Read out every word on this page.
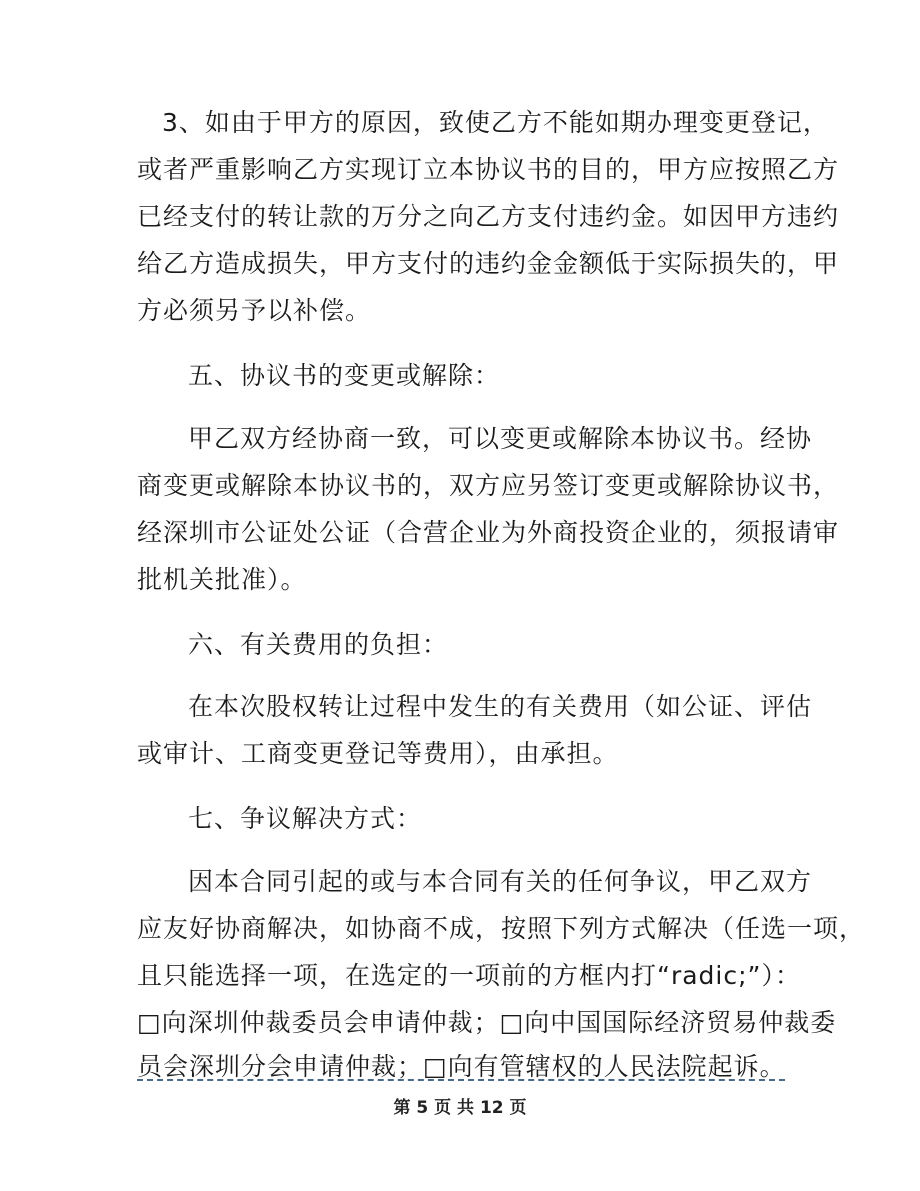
3、如由于甲方的原因，致使乙方不能如期办理变更登记，
或者严重影响乙方实现订立本协议书的目的，甲方应按照乙方
已经支付的转让款的万分之向乙方支付违约金。如因甲方违约
给乙方造成损失，甲方支付的违约金金额低于实际损失的，甲
方必须另予以补偿。
五、协议书的变更或解除：
甲乙双方经协商一致，可以变更或解除本协议书。经协
商变更或解除本协议书的，双方应另签订变更或解除协议书，
经深圳市公证处公证（合营企业为外商投资企业的，须报请审
批机关批准）。
六、有关费用的负担：
在本次股权转让过程中发生的有关费用（如公证、评估
或审计、工商变更登记等费用），由承担。
七、争议解决方式：
因本合同引起的或与本合同有关的任何争议，甲乙双方
应友好协商解决，如协商不成，按照下列方式解决（任选一项，
且只能选择一项，在选定的一项前的方框内打“radic;”）：
□向深圳仲裁委员会申请仲裁；□向中国国际经济贸易仲裁委
员会深圳分会申请仲裁；□向有管辖权的人民法院起诉。
第 5 页 共 12 页
